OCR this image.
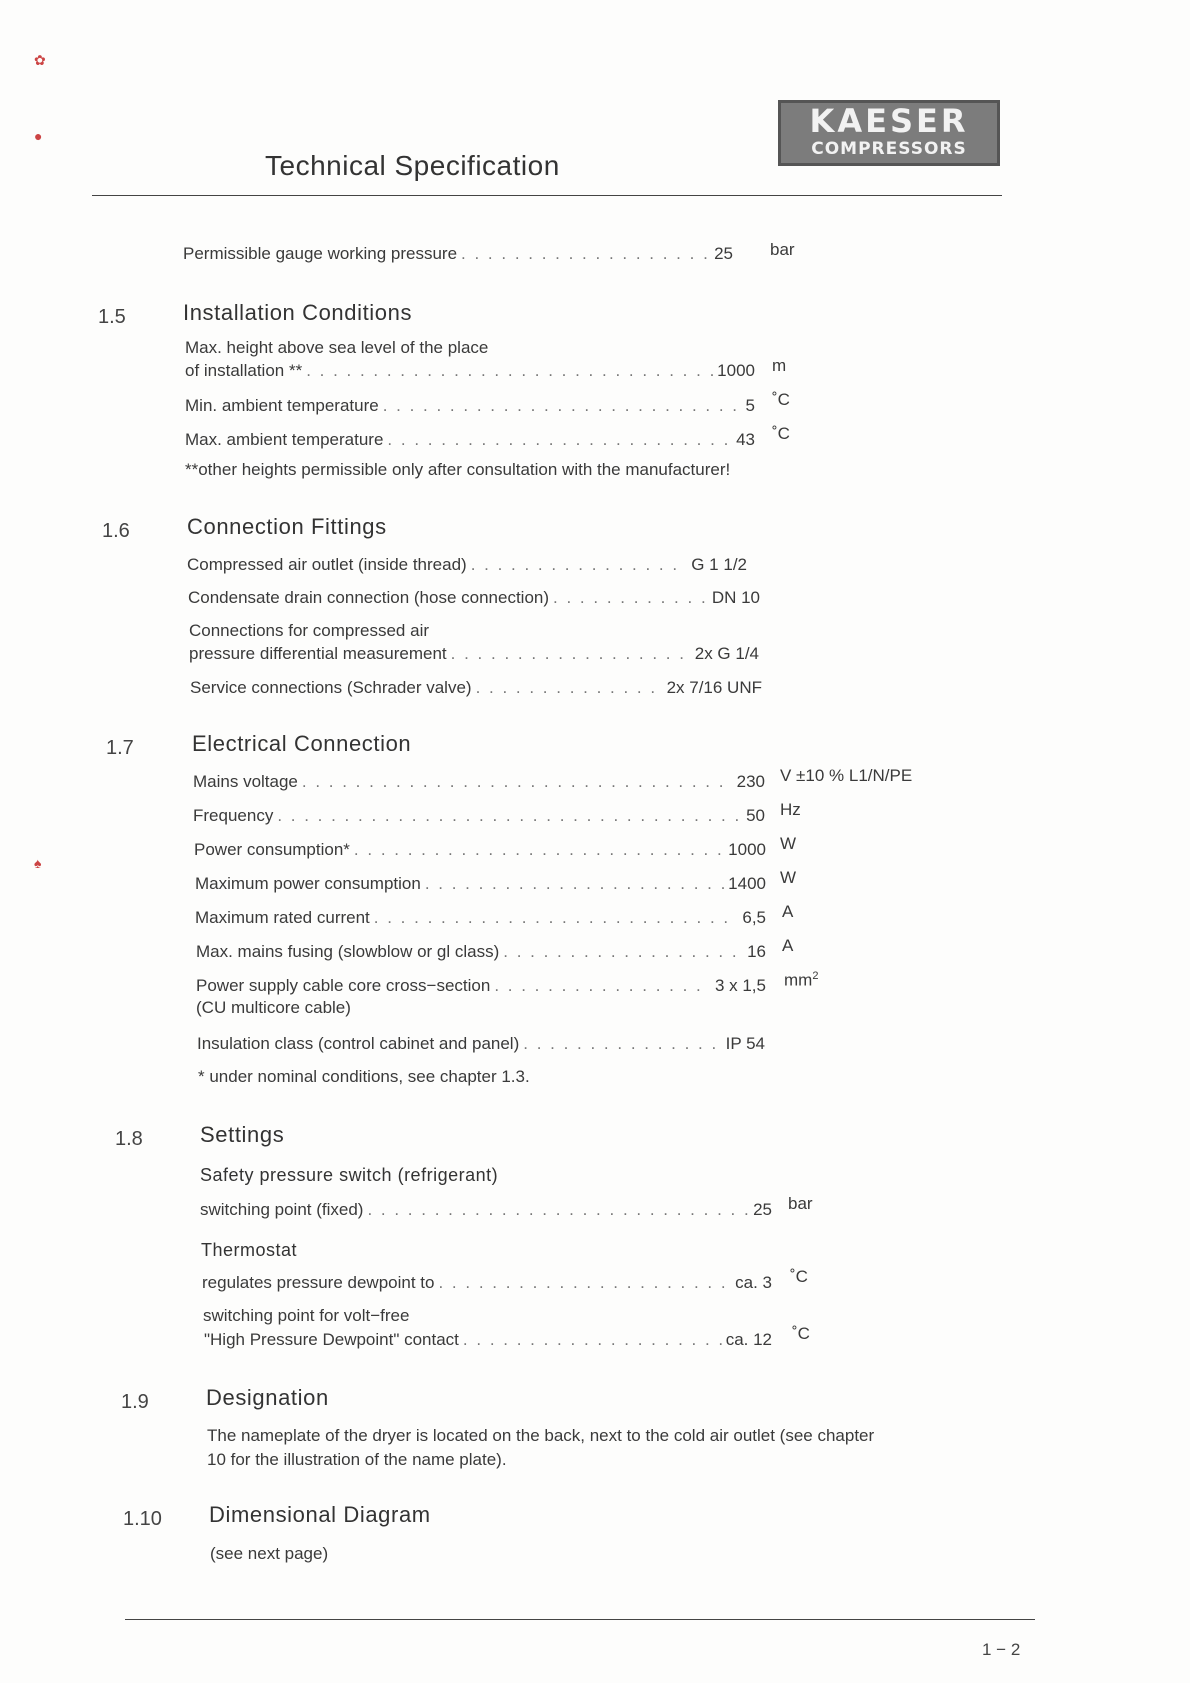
✿
●
Technical Specification
KAESER
COMPRESSORS
Permissible gauge working pressure . . .	25 bar
1.5	Installation Conditions
Max. height above sea level of the place
of installation ** . . .	1000 m
Min. ambient temperature . . .	5 ˚C
Max. ambient temperature . . .	43 ˚C
**other heights permissible only after consultation with the manufacturer!
1.6	Connection Fittings
Compressed air outlet (inside thread) . . .	G 1 1/2
Condensate drain connection (hose connection) . . .	DN 10
Connections for compressed air
pressure differential measurement . . .	2x G 1/4
Service connections (Schrader valve) . . .	2x 7/16 UNF
1.7	Electrical Connection
Mains voltage . . .	230 V ±10 % L1/N/PE
Frequency . . .	50 Hz
Power consumption* . . .	1000 W
Maximum power consumption . . .	1400 W
Maximum rated current . . .	6,5 A
Max. mains fusing (slowblow or gl class) . . .	16 A
Power supply cable core cross−section . . .	3 x 1,5 $mm^2$
(CU multicore cable)
Insulation class (control cabinet and panel) . . .	IP 54
* under nominal conditions, see chapter 1.3.
♠
1.8	Settings
Safety pressure switch (refrigerant)
switching point (fixed) . . .	25 bar
Thermostat
regulates pressure dewpoint to . . .	ca. 3 ˚C
switching point for volt−free
"High Pressure Dewpoint" contact . . .	ca. 12 ˚C
1.9	Designation
The nameplate of the dryer is located on the back, next to the cold air outlet (see chapter
10 for the illustration of the name plate).
1.10 Dimensional Diagram
(see next page)
1 − 2
